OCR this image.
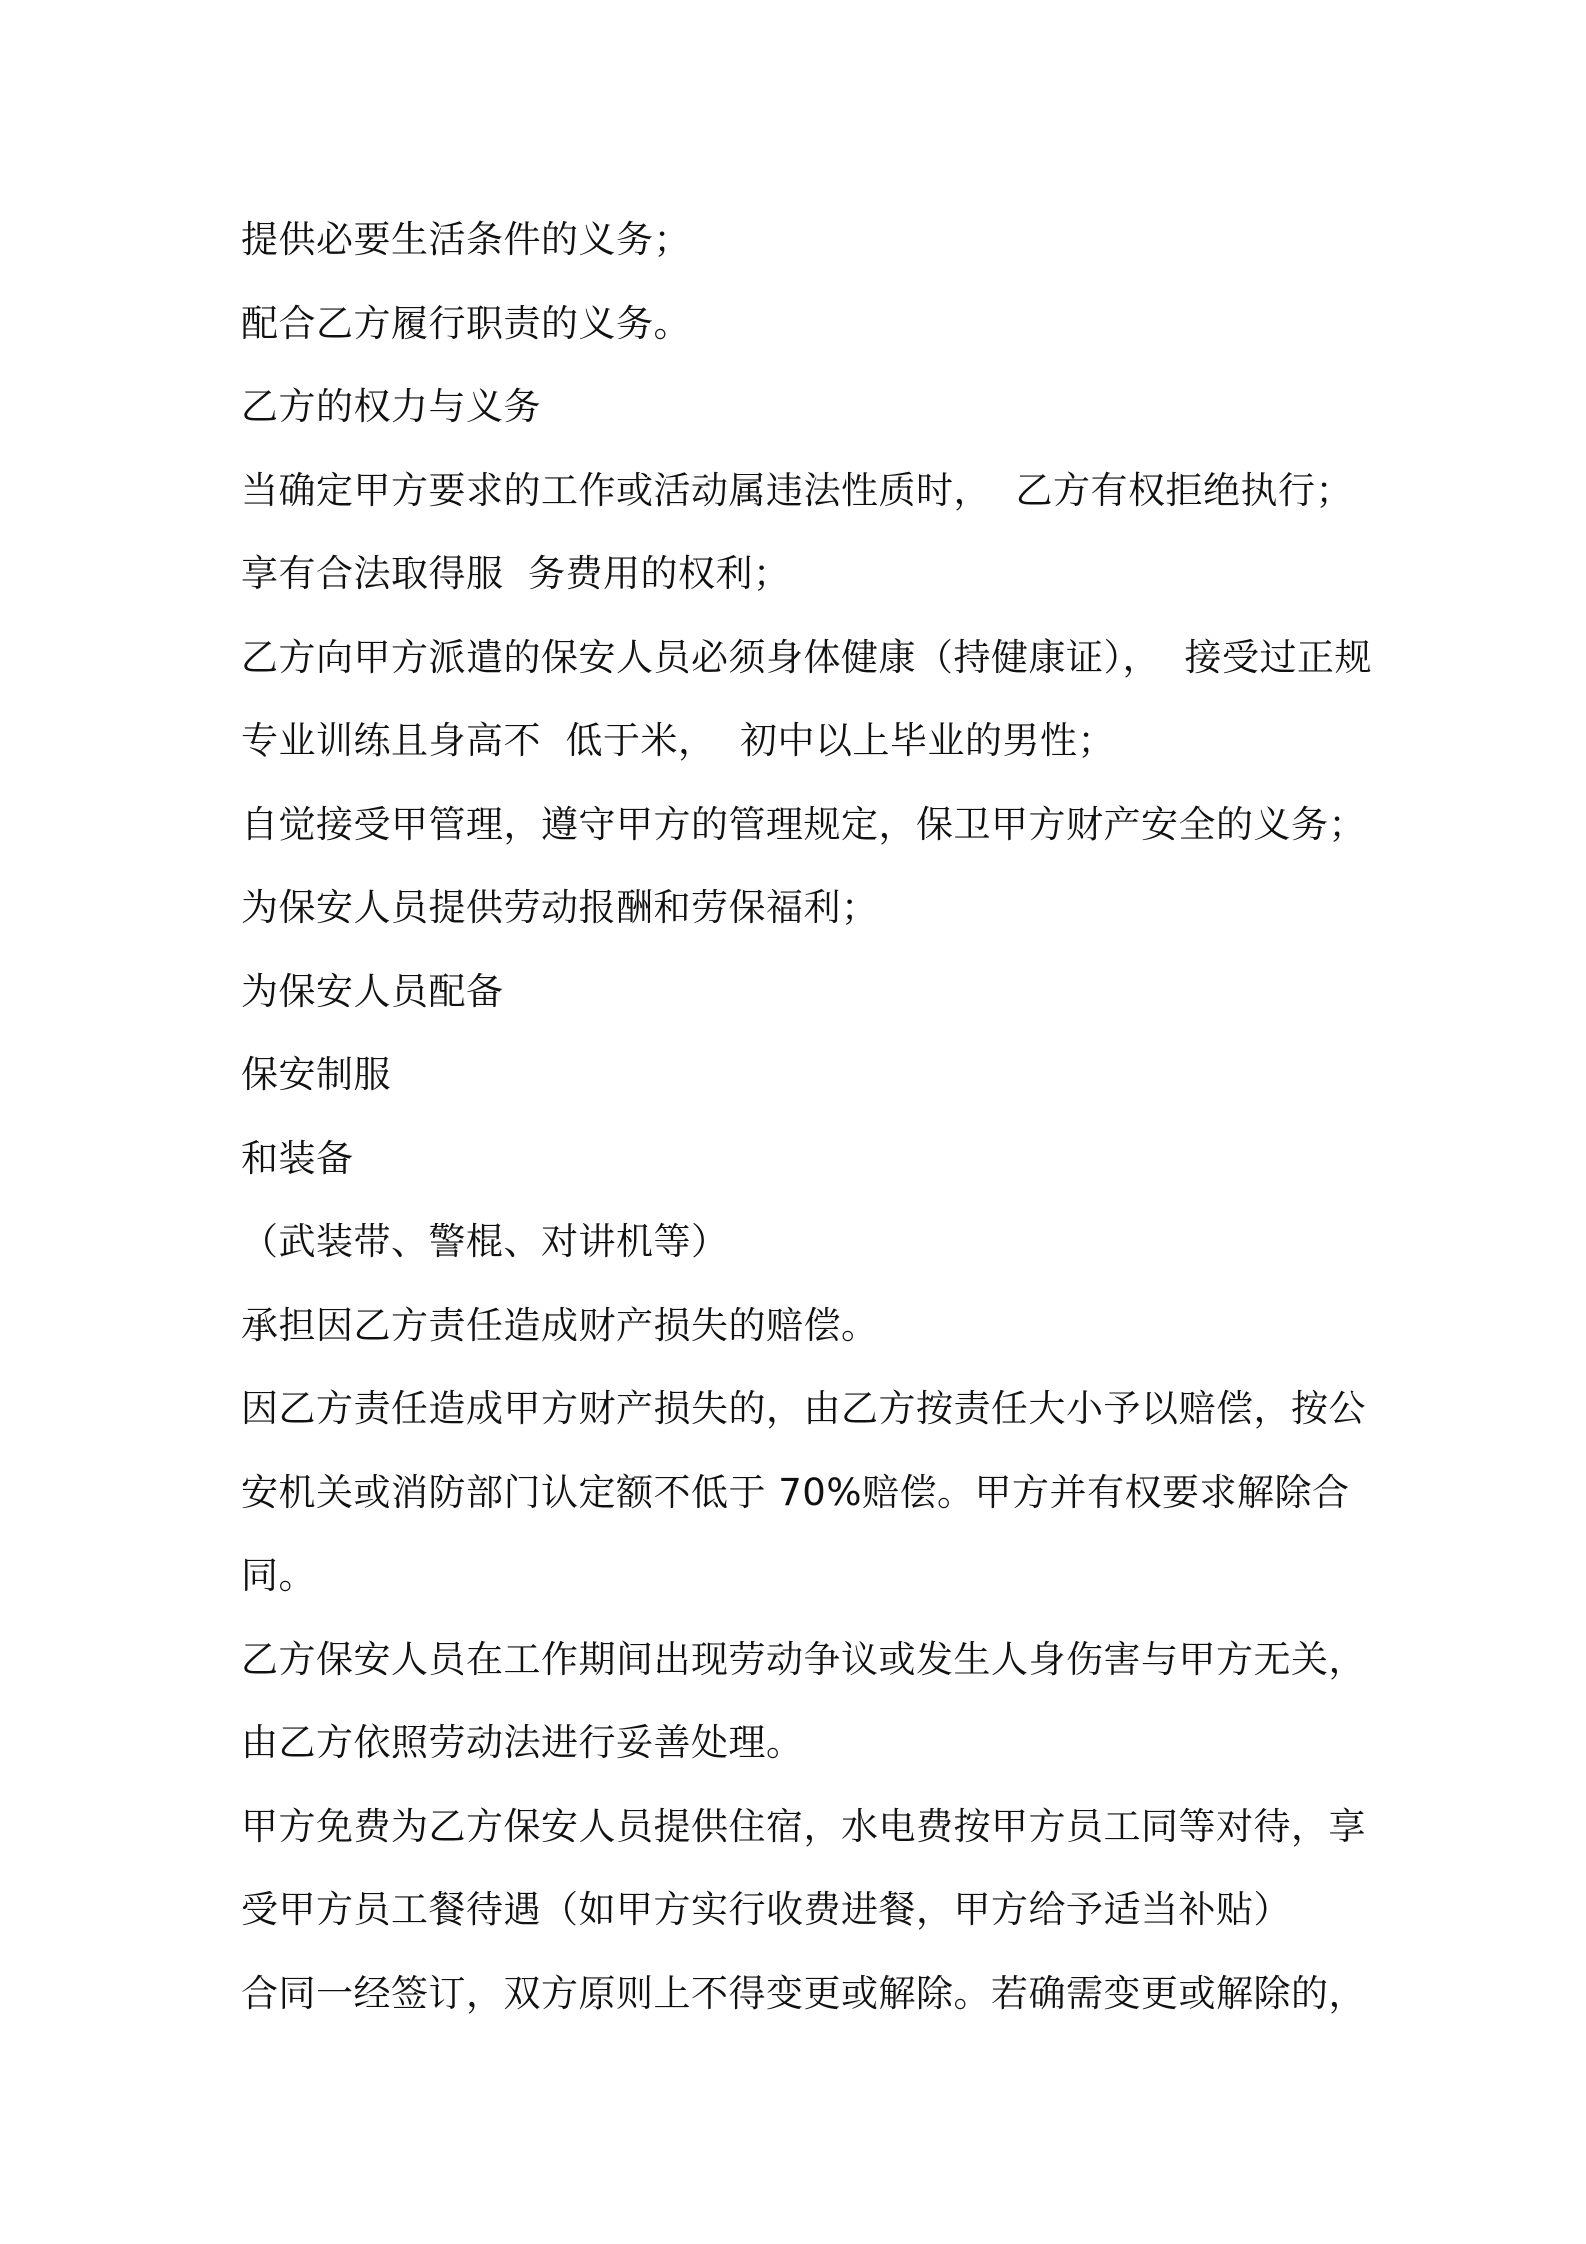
提供必要生活条件的义务；
配合乙方履行职责的义务。
乙方的权力与义务
当确定甲方要求的工作或活动属违法性质时，  乙方有权拒绝执行；
享有合法取得服  务费用的权利；
乙方向甲方派遣的保安人员必须身体健康（持健康证），  接受过正规
专业训练且身高不  低于米，  初中以上毕业的男性；
自觉接受甲管理，遵守甲方的管理规定，保卫甲方财产安全的义务；
为保安人员提供劳动报酬和劳保福利；
为保安人员配备
保安制服
和装备
（武装带、警棍、对讲机等）
承担因乙方责任造成财产损失的赔偿。
因乙方责任造成甲方财产损失的，由乙方按责任大小予以赔偿，按公
安机关或消防部门认定额不低于 70%赔偿。甲方并有权要求解除合
同。
乙方保安人员在工作期间出现劳动争议或发生人身伤害与甲方无关，
由乙方依照劳动法进行妥善处理。
甲方免费为乙方保安人员提供住宿，水电费按甲方员工同等对待，享
受甲方员工餐待遇（如甲方实行收费进餐，甲方给予适当补贴）
合同一经签订，双方原则上不得变更或解除。若确需变更或解除的，
